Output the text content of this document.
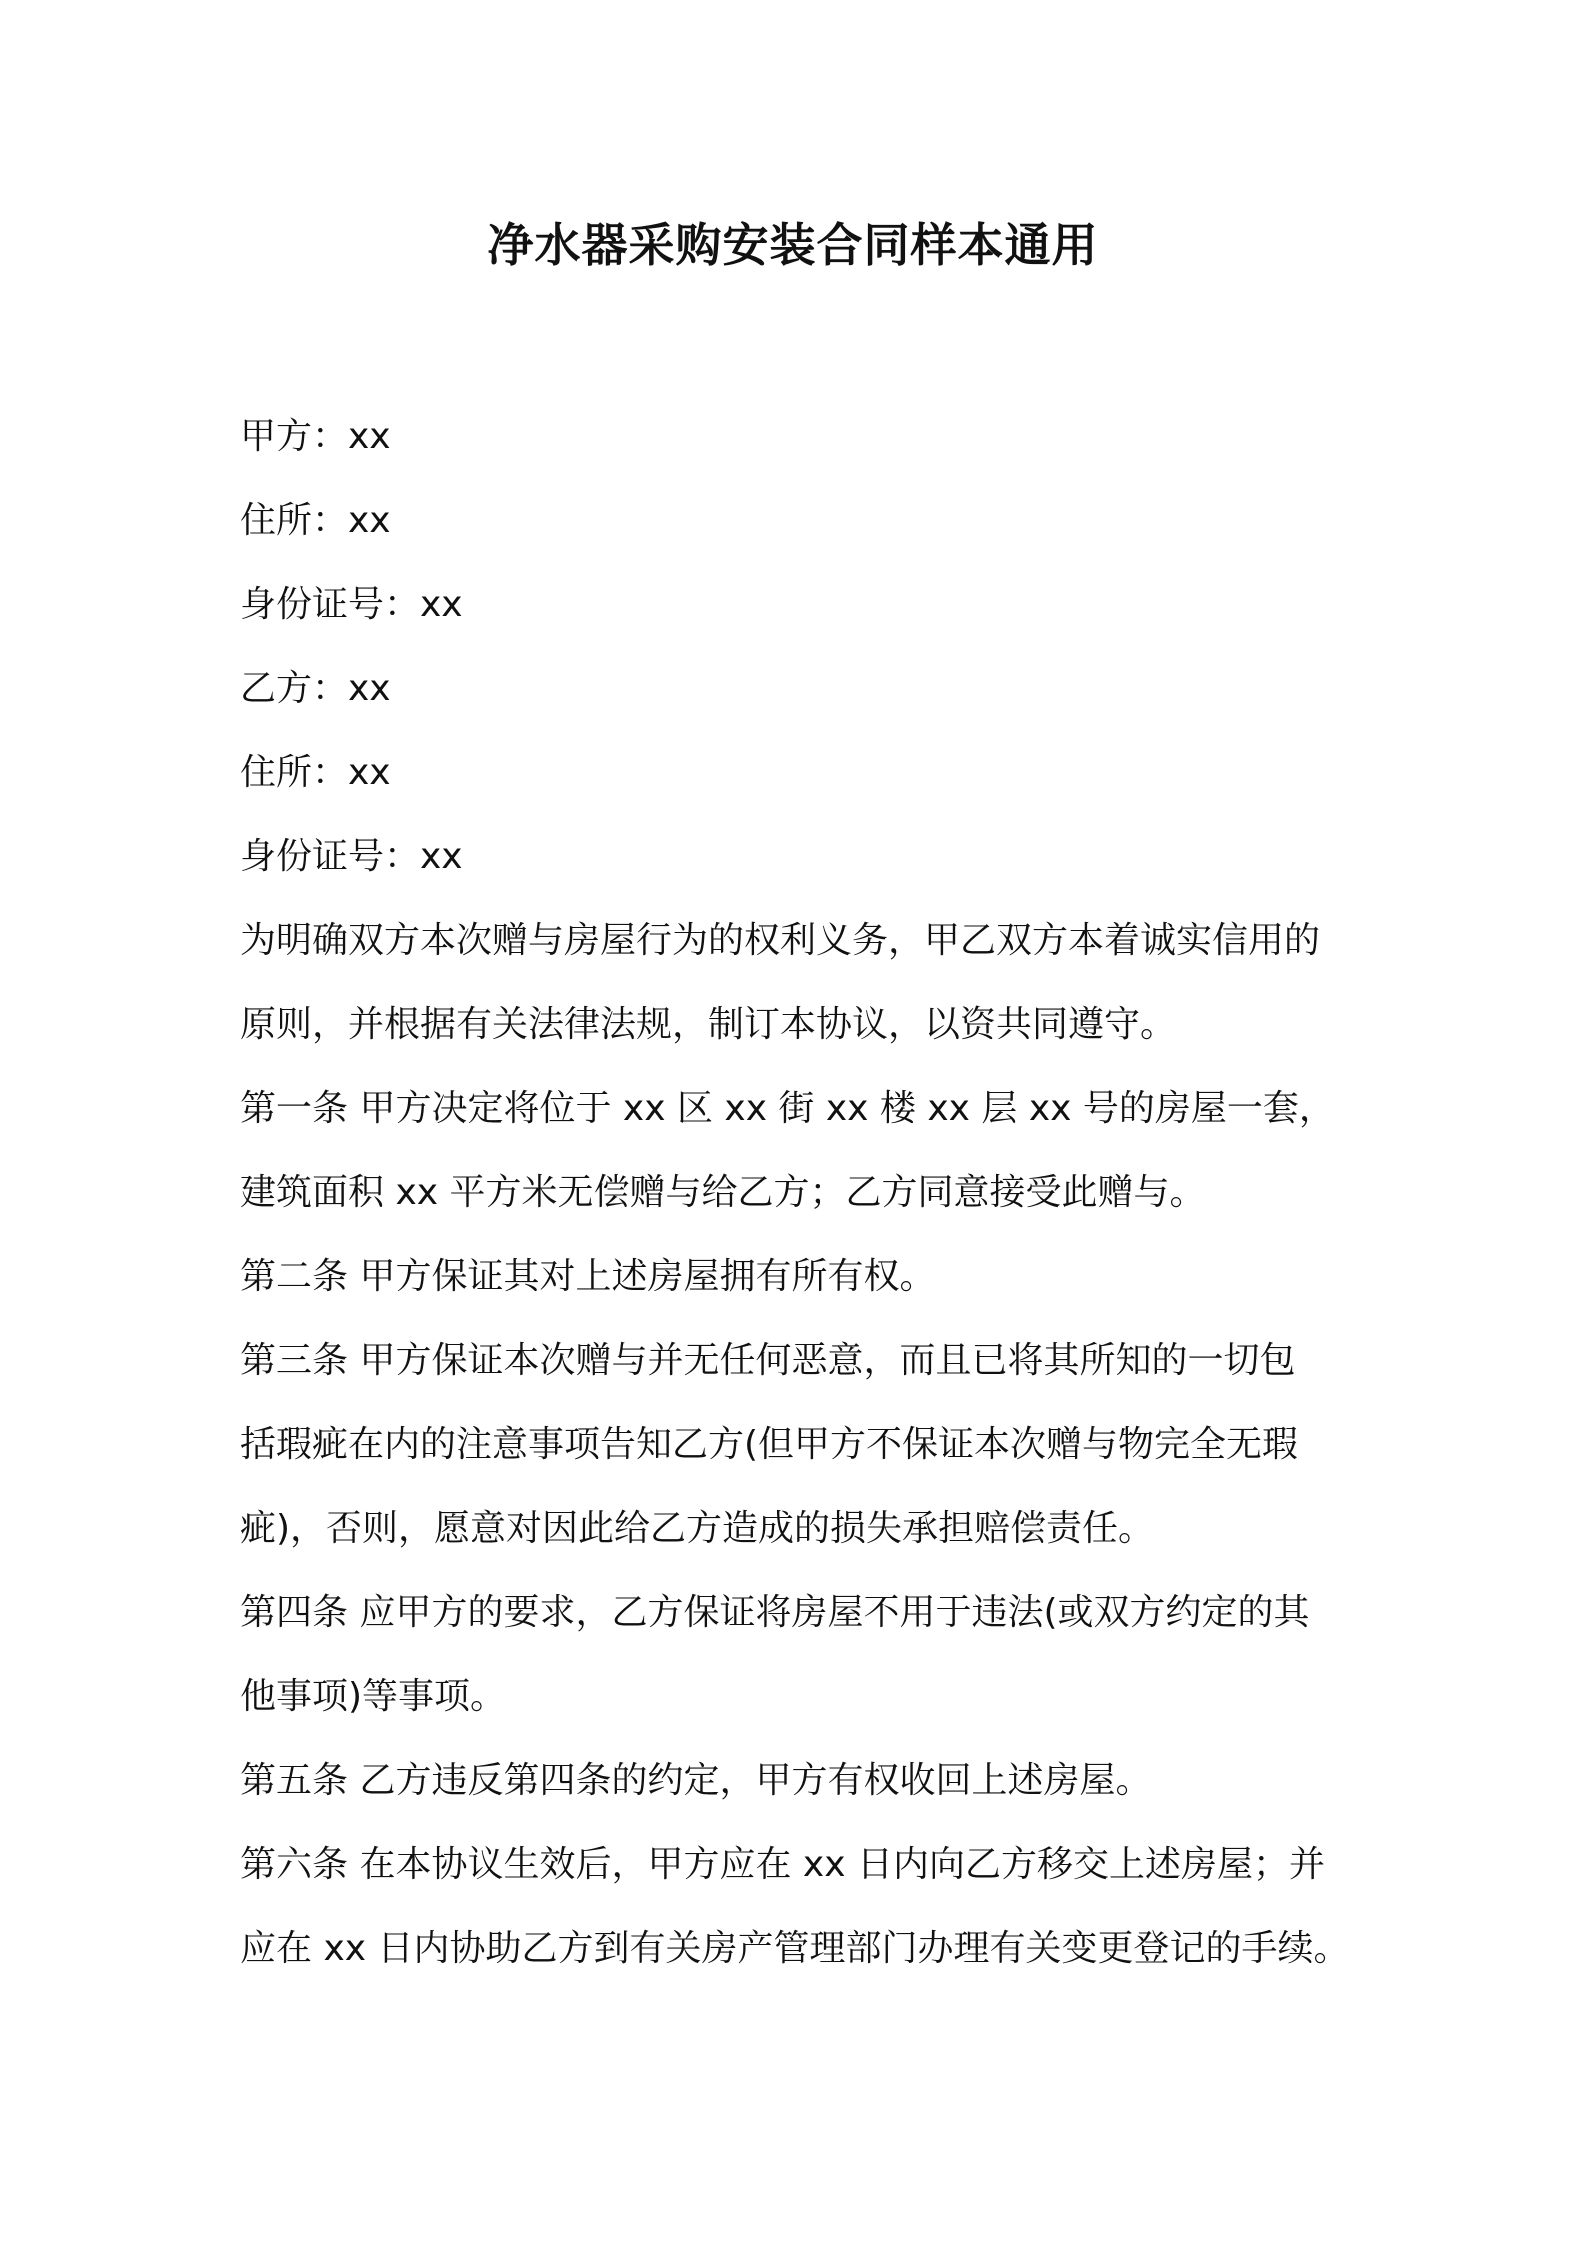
净水器采购安装合同样本通用
甲方：xx
住所：xx
身份证号：xx
乙方：xx
住所：xx
身份证号：xx
为明确双方本次赠与房屋行为的权利义务，甲乙双方本着诚实信用的
原则，并根据有关法律法规，制订本协议，以资共同遵守。
第一条 甲方决定将位于 xx 区 xx 街 xx 楼 xx 层 xx 号的房屋一套，
建筑面积 xx 平方米无偿赠与给乙方；乙方同意接受此赠与。
第二条 甲方保证其对上述房屋拥有所有权。
第三条 甲方保证本次赠与并无任何恶意，而且已将其所知的一切包
括瑕疵在内的注意事项告知乙方(但甲方不保证本次赠与物完全无瑕
疵)，否则，愿意对因此给乙方造成的损失承担赔偿责任。
第四条 应甲方的要求，乙方保证将房屋不用于违法(或双方约定的其
他事项)等事项。
第五条 乙方违反第四条的约定，甲方有权收回上述房屋。
第六条 在本协议生效后，甲方应在 xx 日内向乙方移交上述房屋；并
应在 xx 日内协助乙方到有关房产管理部门办理有关变更登记的手续。
